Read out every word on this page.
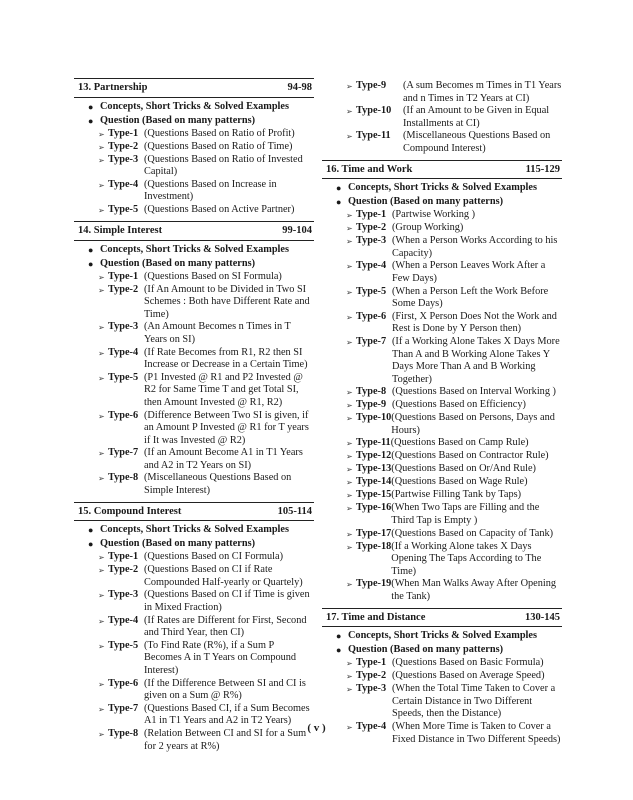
13. Partnership	94-98
● Concepts, Short Tricks & Solved Examples
● Question (Based on many patterns)
➢ Type-1 (Questions Based on Ratio of Profit)
➢ Type-2 (Questions Based on Ratio of Time)
➢ Type-3 (Questions Based on Ratio of Invested Capital)
➢ Type-4 (Questions Based on Increase in Investment)
➢ Type-5 (Questions Based on Active Partner)
14. Simple Interest	99-104
● Concepts, Short Tricks & Solved Examples
● Question (Based on many patterns)
➢ Type-1 (Questions Based on SI Formula)
➢ Type-2 (If An Amount to be Divided in Two SI Schemes : Both have Different Rate and Time)
➢ Type-3 (An Amount Becomes n Times in T Years on SI)
➢ Type-4 (If Rate Becomes from R1, R2 then SI Increase or Decrease in a Certain Time)
➢ Type-5 (P1 Invested @ R1 and P2 Invested @ R2 for Same Time T and get Total SI, then Amount Invested @ R1, R2)
➢ Type-6 (Difference Between Two SI is given, if an Amount P Invested @ R1 for T years if It was Invested @ R2)
➢ Type-7 (If an Amount Become A1 in T1 Years and A2 in T2 Years on SI)
➢ Type-8 (Miscellaneous Questions Based on Simple Interest)
15. Compound Interest	105-114
● Concepts, Short Tricks & Solved Examples
● Question (Based on many patterns)
➢ Type-1 (Questions Based on CI Formula)
➢ Type-2 (Questions Based on CI if Rate Compounded Half-yearly or Quartely)
➢ Type-3 (Questions Based on CI if Time is given in Mixed Fraction)
➢ Type-4 (If Rates are Different for First, Second and Third Year, then CI)
➢ Type-5 (To Find Rate (R%), if a Sum P Becomes A in T Years on Compound Interest)
➢ Type-6 (If the Difference Between SI and CI is given on a Sum @ R%)
➢ Type-7 (Questions Based CI, if a Sum Becomes A1 in T1 Years and A2 in T2 Years)
➢ Type-8 (Relation Between CI and SI for a Sum for 2 years at R%)
➢ Type-9	(A sum Becomes m Times in T1 Years and n Times in T2 Years at CI)
➢ Type-10	(If an Amount to be Given in Equal Installments at CI)
➢ Type-11	(Miscellaneous Questions Based on Compound Interest)
16. Time and Work	115-129
● Concepts, Short Tricks & Solved Examples
● Question (Based on many patterns)
➢ Type-1 (Partwise Working )
➢ Type-2 (Group Working)
➢ Type-3 (When a Person Works According to his Capacity)
➢ Type-4 (When a Person Leaves Work After a Few Days)
➢ Type-5 (When a Person Left the Work Before Some Days)
➢ Type-6 (First, X Person Does Not the Work and Rest is Done by Y Person then)
➢ Type-7 (If a Working Alone Takes X Days More Than A and B Working Alone Takes Y Days More Than A and B Working Together)
➢ Type-8 (Questions Based on Interval Working )
➢ Type-9 (Questions Based on Efficiency)
➢ Type-10 (Questions Based on Persons, Days and Hours)
➢ Type-11 (Questions Based on Camp Rule)
➢ Type-12 (Questions Based on Contractor Rule)
➢ Type-13 (Questions Based on Or/And Rule)
➢ Type-14 (Questions Based on Wage Rule)
➢ Type-15 (Partwise Filling Tank by Taps)
➢ Type-16 (When Two Taps are Filling and the Third Tap is Empty )
➢ Type-17 (Questions Based on Capacity of Tank)
➢ Type-18 (If a Working Alone takes X Days Opening The Taps According to The Time)
➢ Type-19 (When Man Walks Away After Opening the Tank)
17. Time and Distance	130-145
● Concepts, Short Tricks & Solved Examples
● Question (Based on many patterns)
➢ Type-1 (Questions Based on Basic Formula)
➢ Type-2 (Questions Based on Average Speed)
➢ Type-3 (When the Total Time Taken to Cover a Certain Distance in Two Different Speeds, then the Distance)
➢ Type-4 (When More Time is Taken to Cover a Fixed Distance in Two Different Speeds)
( v )
